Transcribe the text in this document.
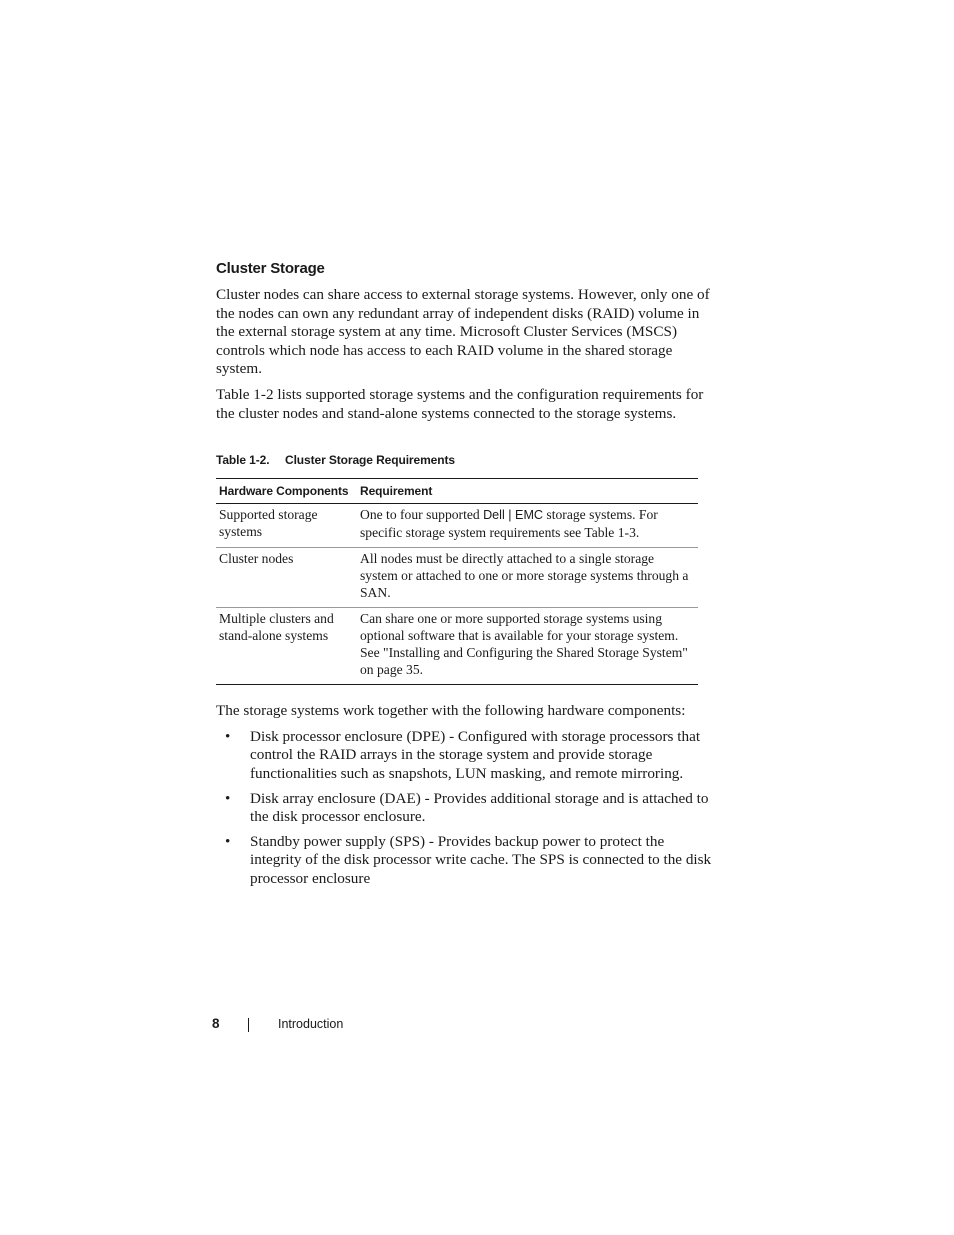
Cluster Storage

Cluster nodes can share access to external storage systems. However, only one of the nodes can own any redundant array of independent disks (RAID) volume in the external storage system at any time. Microsoft Cluster Services (MSCS) controls which node has access to each RAID volume in the shared storage system.

Table 1-2 lists supported storage systems and the configuration requirements for the cluster nodes and stand-alone systems connected to the storage systems.

Table 1-2. Cluster Storage Requirements
Hardware Components	Requirement
Supported storage systems	One to four supported Dell | EMC storage systems. For specific storage system requirements see Table 1-3.
Cluster nodes	All nodes must be directly attached to a single storage system or attached to one or more storage systems through a SAN.
Multiple clusters and stand-alone systems	Can share one or more supported storage systems using optional software that is available for your storage system. See "Installing and Configuring the Shared Storage System" on page 35.

The storage systems work together with the following hardware components:

• Disk processor enclosure (DPE) - Configured with storage processors that control the RAID arrays in the storage system and provide storage functionalities such as snapshots, LUN masking, and remote mirroring.
• Disk array enclosure (DAE) - Provides additional storage and is attached to the disk processor enclosure.
• Standby power supply (SPS) - Provides backup power to protect the integrity of the disk processor write cache. The SPS is connected to the disk processor enclosure
8	Introduction
